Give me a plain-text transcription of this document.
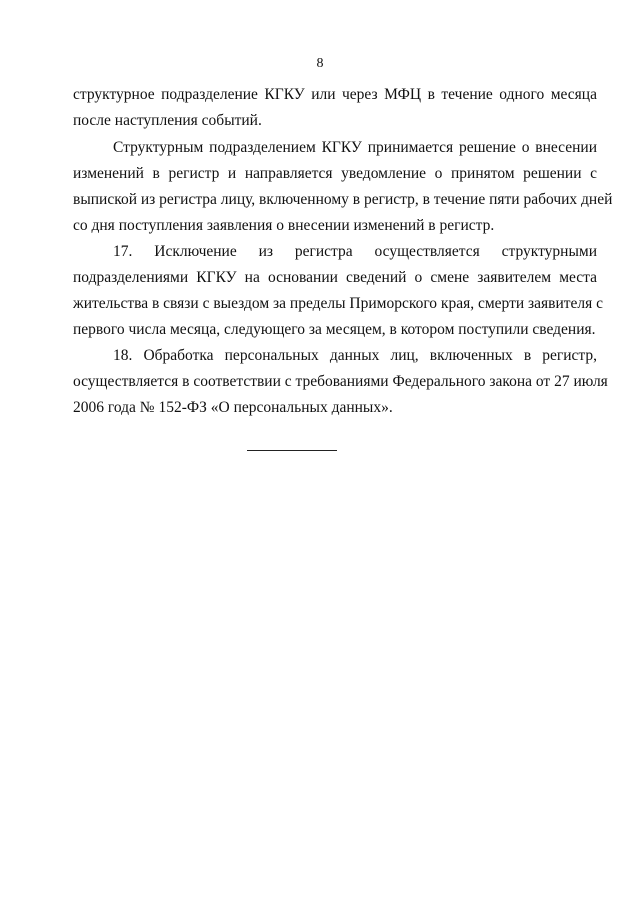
8
структурное подразделение КГКУ или через МФЦ в течение одного месяца
после наступления событий.
Структурным подразделением КГКУ принимается решение о внесении
изменений в регистр и направляется уведомление о принятом решении с
выпиской из регистра лицу, включенному в регистр, в течение пяти рабочих дней
со дня поступления заявления о внесении изменений в регистр.
17. Исключение из регистра осуществляется структурными
подразделениями КГКУ на основании сведений о смене заявителем места
жительства в связи с выездом за пределы Приморского края, смерти заявителя с
первого числа месяца, следующего за месяцем, в котором поступили сведения.
18. Обработка персональных данных лиц, включенных в регистр,
осуществляется в соответствии с требованиями Федерального закона от 27 июля
2006 года № 152-ФЗ «О персональных данных».
